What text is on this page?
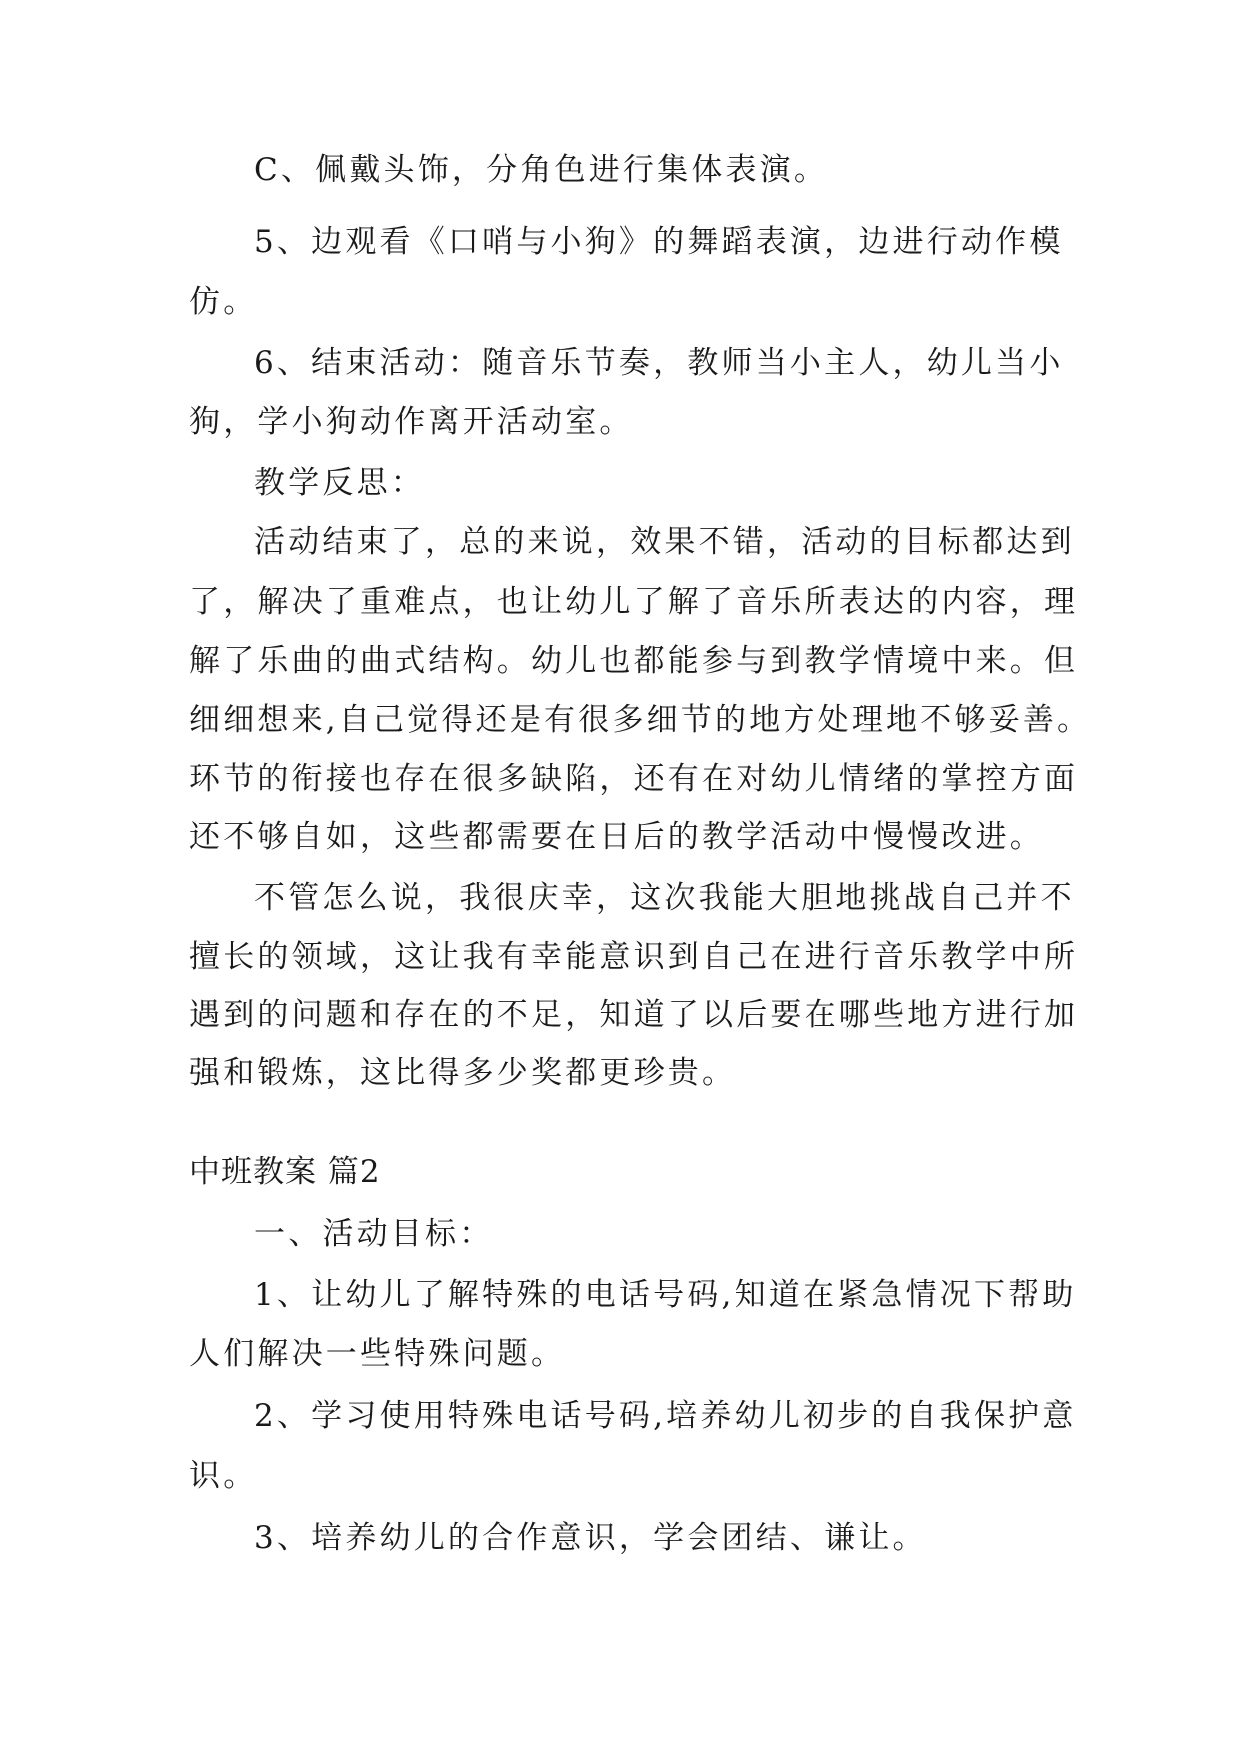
C、佩戴头饰，分角色进行集体表演。

5、边观看《口哨与小狗》的舞蹈表演，边进行动作模

仿。

6、结束活动：随音乐节奏，教师当小主人，幼儿当小

狗，学小狗动作离开活动室。

教学反思：

活动结束了，总的来说，效果不错，活动的目标都达到

了，解决了重难点，也让幼儿了解了音乐所表达的内容，理

解了乐曲的曲式结构。幼儿也都能参与到教学情境中来。但

细细想来,自己觉得还是有很多细节的地方处理地不够妥善。

环节的衔接也存在很多缺陷，还有在对幼儿情绪的掌控方面

还不够自如，这些都需要在日后的教学活动中慢慢改进。

不管怎么说，我很庆幸，这次我能大胆地挑战自己并不

擅长的领域，这让我有幸能意识到自己在进行音乐教学中所

遇到的问题和存在的不足，知道了以后要在哪些地方进行加

强和锻炼，这比得多少奖都更珍贵。

中班教案 篇2

一、活动目标：

1、让幼儿了解特殊的电话号码,知道在紧急情况下帮助

人们解决一些特殊问题。

2、学习使用特殊电话号码,培养幼儿初步的自我保护意

识。

3、培养幼儿的合作意识，学会团结、谦让。
